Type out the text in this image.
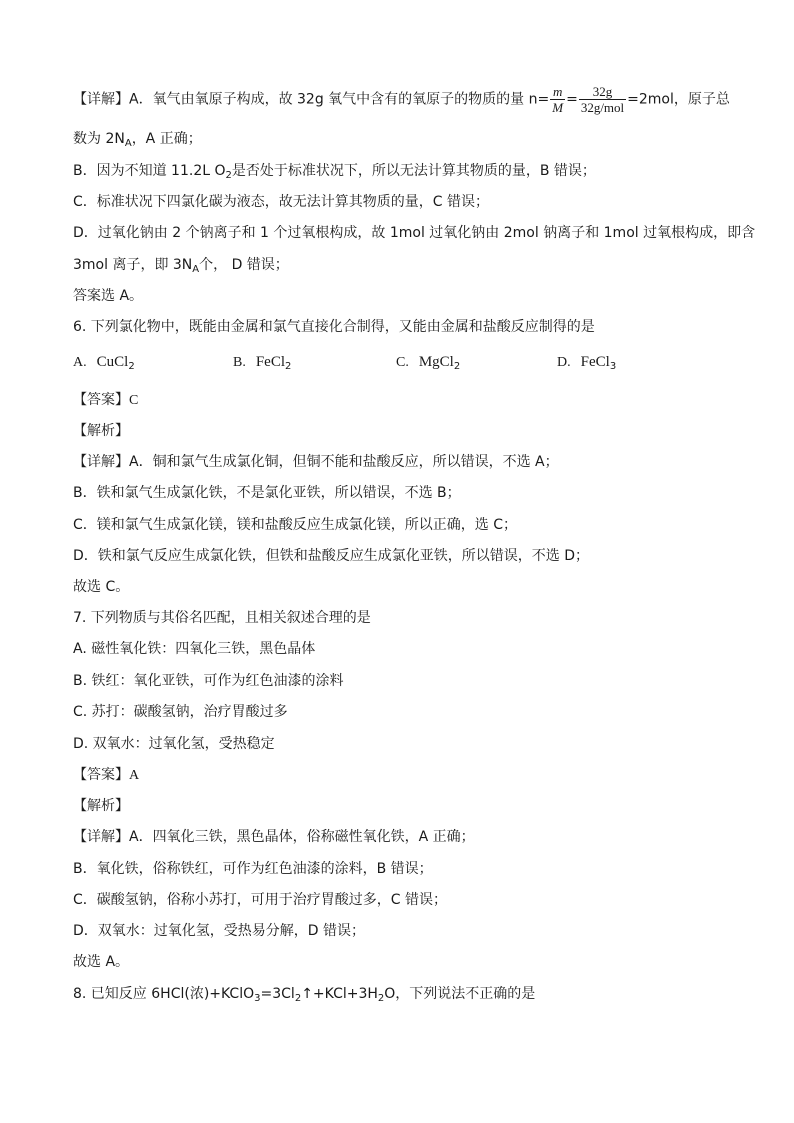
【详解】A．氧气由氧原子构成，故 32g 氧气中含有的氧原子的物质的量 $n= \frac{m}{M} = \frac{32g}{\text{32g/mol}} =2mol$，原子总
数为 $2N_A$，A 正确；
B．因为不知道 11.2L $O_2$是否处于标准状况下，所以无法计算其物质的量，B 错误；
C．标准状况下四氯化碳为液态，故无法计算其物质的量，C 错误；
D．过氧化钠由 2 个钠离子和 1 个过氧根构成，故 1mol 过氧化钠由 2mol 钠离子和 1mol 过氧根构成，即含
3mol 离子，即 $3N_A$个， D 错误；
答案选 A。
6. 下列氯化物中，既能由金属和氯气直接化合制得，又能由金属和盐酸反应制得的是
A. CuCl$_2$	B. FeCl$_2$	C. MgCl$_2$	D. FeCl$_3$
【答案】C
【解析】
【详解】A．铜和氯气生成氯化铜，但铜不能和盐酸反应，所以错误，不选 A；
B．铁和氯气生成氯化铁，不是氯化亚铁，所以错误，不选 B；
C．镁和氯气生成氯化镁，镁和盐酸反应生成氯化镁，所以正确，选 C；
D．铁和氯气反应生成氯化铁，但铁和盐酸反应生成氯化亚铁，所以错误，不选 D；
故选 C。
7. 下列物质与其俗名匹配，且相关叙述合理的是
A. 磁性氧化铁：四氧化三铁，黑色晶体
B. 铁红：氧化亚铁，可作为红色油漆的涂料
C. 苏打：碳酸氢钠，治疗胃酸过多
D. 双氧水：过氧化氢，受热稳定
【答案】A
【解析】
【详解】A．四氧化三铁，黑色晶体，俗称磁性氧化铁，A 正确；
B．氧化铁，俗称铁红，可作为红色油漆的涂料，B 错误；
C．碳酸氢钠，俗称小苏打，可用于治疗胃酸过多，C 错误；
D．双氧水：过氧化氢，受热易分解，D 错误；
故选 A。
8. 已知反应 6HCl(浓)$+KClO_3=3Cl_2↑+KCl+3H_2O$，下列说法不正确的是
